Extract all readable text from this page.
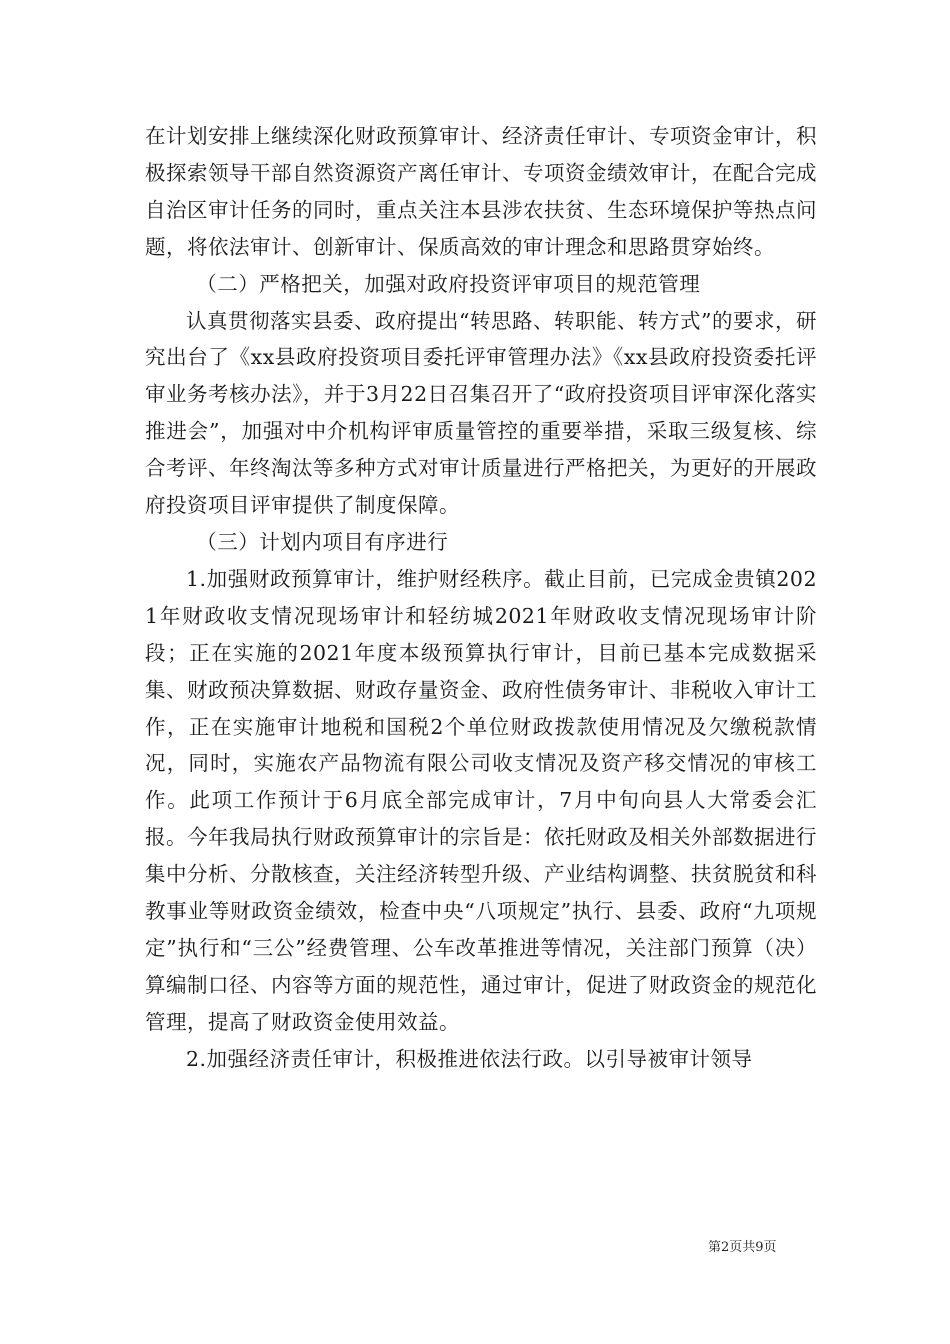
在计划安排上继续深化财政预算审计、经济责任审计、专项资金审计，积极探索领导干部自然资源资产离任审计、专项资金绩效审计，在配合完成自治区审计任务的同时，重点关注本县涉农扶贫、生态环境保护等热点问题，将依法审计、创新审计、保质高效的审计理念和思路贯穿始终。

（二）严格把关，加强对政府投资评审项目的规范管理

认真贯彻落实县委、政府提出“转思路、转职能、转方式”的要求，研究出台了《xx县政府投资项目委托评审管理办法》《xx县政府投资委托评审业务考核办法》，并于3月22日召集召开了“政府投资项目评审深化落实推进会”，加强对中介机构评审质量管控的重要举措，采取三级复核、综合考评、年终淘汰等多种方式对审计质量进行严格把关，为更好的开展政府投资项目评审提供了制度保障。

（三）计划内项目有序进行

1.加强财政预算审计，维护财经秩序。截止目前，已完成金贵镇2021年财政收支情况现场审计和轻纺城2021年财政收支情况现场审计阶段；正在实施的2021年度本级预算执行审计，目前已基本完成数据采集、财政预决算数据、财政存量资金、政府性债务审计、非税收入审计工作，正在实施审计地税和国税2个单位财政拨款使用情况及欠缴税款情况，同时，实施农产品物流有限公司收支情况及资产移交情况的审核工作。此项工作预计于6月底全部完成审计，7月中旬向县人大常委会汇报。今年我局执行财政预算审计的宗旨是：依托财政及相关外部数据进行集中分析、分散核查，关注经济转型升级、产业结构调整、扶贫脱贫和科教事业等财政资金绩效，检查中央“八项规定”执行、县委、政府“九项规定”执行和“三公”经费管理、公车改革推进等情况，关注部门预算（决）算编制口径、内容等方面的规范性，通过审计，促进了财政资金的规范化管理，提高了财政资金使用效益。

2.加强经济责任审计，积极推进依法行政。以引导被审计领导

第2页共9页
